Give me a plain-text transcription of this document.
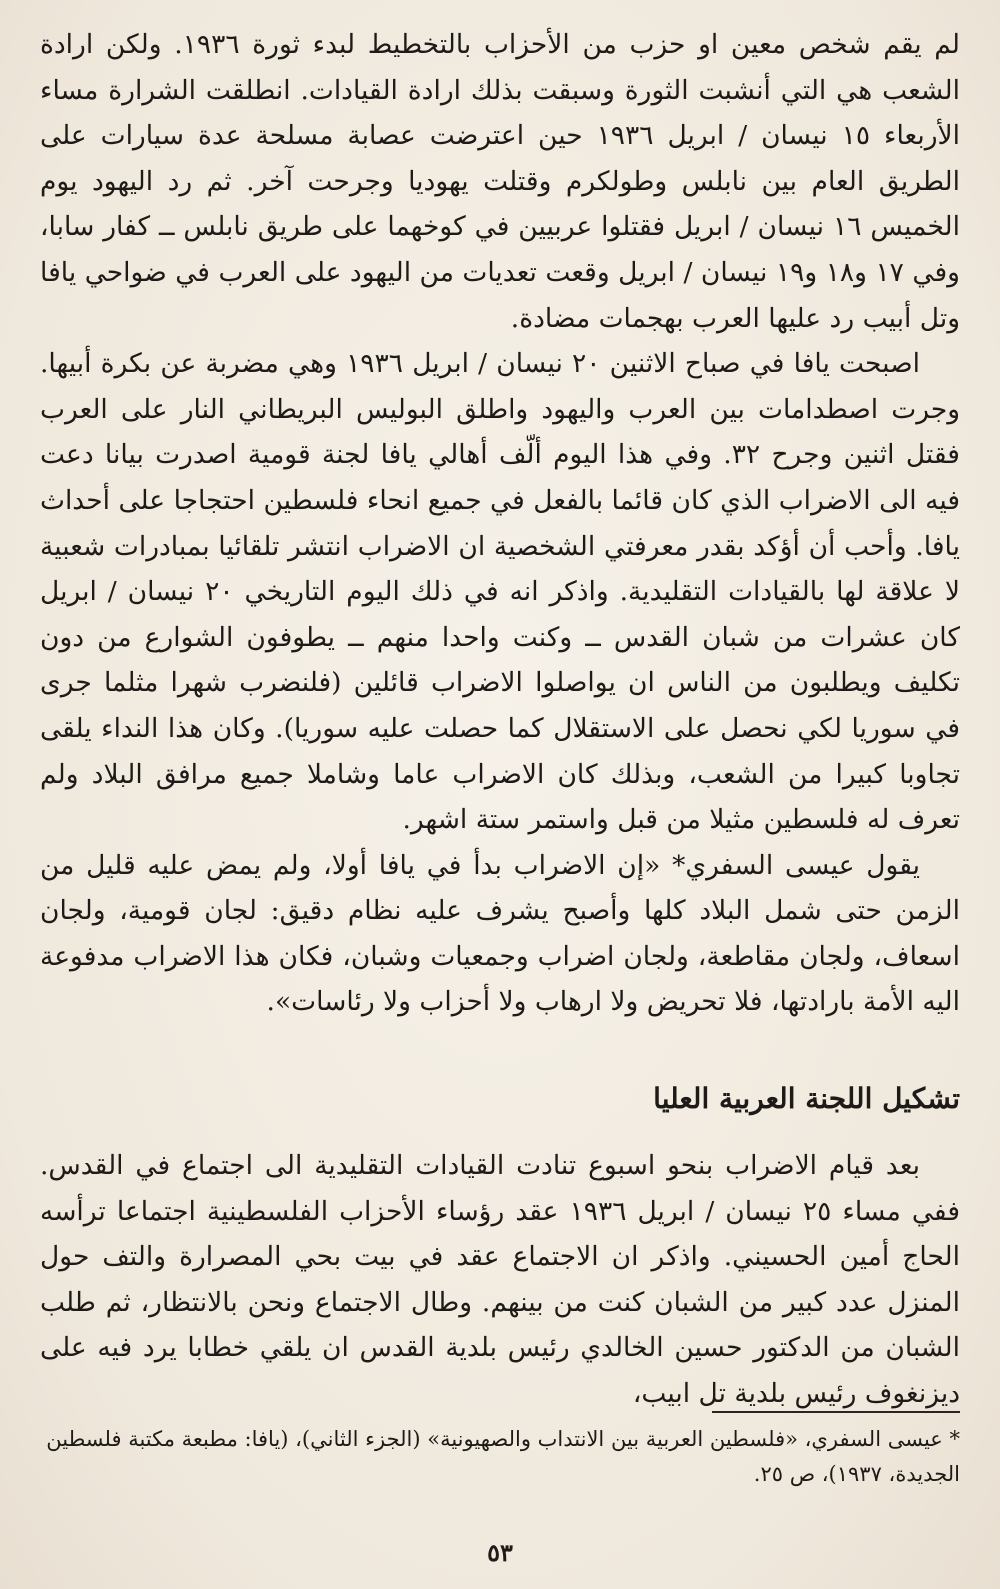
لم يقم شخص معين او حزب من الأحزاب بالتخطيط لبدء ثورة ١٩٣٦. ولكن ارادة الشعب هي التي أنشبت الثورة وسبقت بذلك ارادة القيادات. انطلقت الشرارة مساء الأربعاء ١٥ نيسان / ابريل ١٩٣٦ حين اعترضت عصابة مسلحة عدة سيارات على الطريق العام بين نابلس وطولكرم وقتلت يهوديا وجرحت آخر. ثم رد اليهود يوم الخميس ١٦ نيسان / ابريل فقتلوا عربيين في كوخهما على طريق نابلس ــ كفار سابا، وفي ١٧ و١٨ و١٩ نيسان / ابريل وقعت تعديات من اليهود على العرب في ضواحي يافا وتل أبيب رد عليها العرب بهجمات مضادة.

اصبحت يافا في صباح الاثنين ٢٠ نيسان / ابريل ١٩٣٦ وهي مضربة عن بكرة أبيها. وجرت اصطدامات بين العرب واليهود واطلق البوليس البريطاني النار على العرب فقتل اثنين وجرح ٣٢. وفي هذا اليوم ألّف أهالي يافا لجنة قومية اصدرت بيانا دعت فيه الى الاضراب الذي كان قائما بالفعل في جميع انحاء فلسطين احتجاجا على أحداث يافا. وأحب أن أؤكد بقدر معرفتي الشخصية ان الاضراب انتشر تلقائيا بمبادرات شعبية لا علاقة لها بالقيادات التقليدية. واذكر انه في ذلك اليوم التاريخي ٢٠ نيسان / ابريل كان عشرات من شبان القدس ــ وكنت واحدا منهم ــ يطوفون الشوارع من دون تكليف ويطلبون من الناس ان يواصلوا الاضراب قائلين (فلنضرب شهرا مثلما جرى في سوريا لكي نحصل على الاستقلال كما حصلت عليه سوريا). وكان هذا النداء يلقى تجاوبا كبيرا من الشعب، وبذلك كان الاضراب عاما وشاملا جميع مرافق البلاد ولم تعرف له فلسطين مثيلا من قبل واستمر ستة اشهر.

يقول عيسى السفري* «إن الاضراب بدأ في يافا أولا، ولم يمض عليه قليل من الزمن حتى شمل البلاد كلها وأصبح يشرف عليه نظام دقيق: لجان قومية، ولجان اسعاف، ولجان مقاطعة، ولجان اضراب وجمعيات وشبان، فكان هذا الاضراب مدفوعة اليه الأمة بارادتها، فلا تحريض ولا ارهاب ولا أحزاب ولا رئاسات».

تشكيل اللجنة العربية العليا

بعد قيام الاضراب بنحو اسبوع تنادت القيادات التقليدية الى اجتماع في القدس. ففي مساء ٢٥ نيسان / ابريل ١٩٣٦ عقد رؤساء الأحزاب الفلسطينية اجتماعا ترأسه الحاج أمين الحسيني. واذكر ان الاجتماع عقد في بيت بحي المصرارة والتف حول المنزل عدد كبير من الشبان كنت من بينهم. وطال الاجتماع ونحن بالانتظار، ثم طلب الشبان من الدكتور حسين الخالدي رئيس بلدية القدس ان يلقي خطابا يرد فيه على ديزنغوف رئيس بلدية تل ابيب،

* عيسى السفري، «فلسطين العربية بين الانتداب والصهيونية» (الجزء الثاني)، (يافا: مطبعة مكتبة فلسطين الجديدة، ١٩٣٧)، ص ٢٥.

٥٣
